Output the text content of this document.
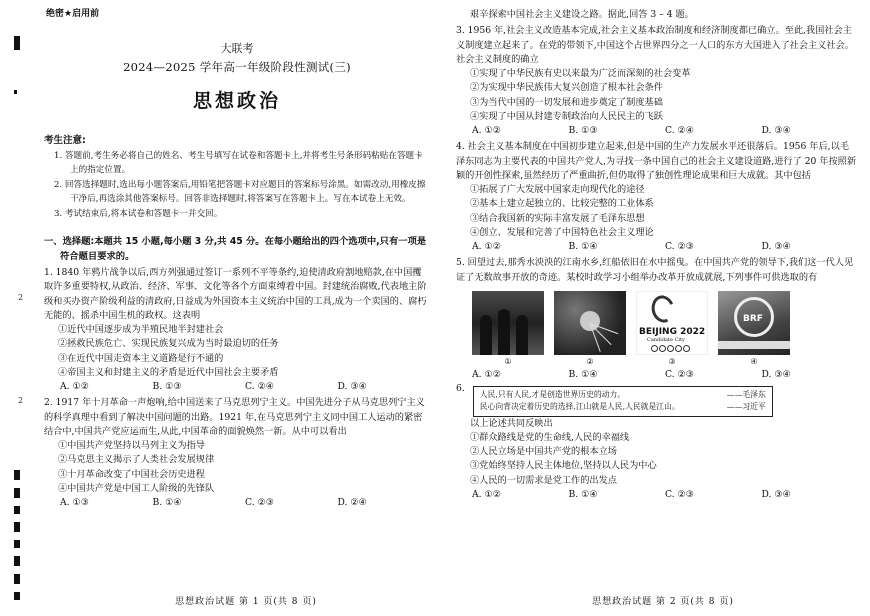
2
2
绝密★启用前
大联考
2024—2025 学年高一年级阶段性测试(三)
思想政治
考生注意:

1. 答题前,考生务必将自己的姓名、考生号填写在试卷和答题卡上,并将考生号条形码粘贴在答题卡上的指定位置。

2. 回答选择题时,选出每小题答案后,用铅笔把答题卡对应题目的答案标号涂黑。如需改动,用橡皮擦干净后,再选涂其他答案标号。回答非选择题时,将答案写在答题卡上。写在本试卷上无效。

3. 考试结束后,将本试卷和答题卡一并交回。

一、选择题:本题共 15 小题,每小题 3 分,共 45 分。在每小题给出的四个选项中,只有一项是
符合题目要求的。
1. 1840 年鸦片战争以后,西方列强通过签订一系列不平等条约,迫使清政府割地赔款,在中国攫取许多重要特权,从政治、经济、军事、文化等各个方面束缚着中国。封建统治腐败,代表地主阶级和买办资产阶级利益的清政府,日益成为外国资本主义统治中国的工具,成为一个卖国的、腐朽无能的、摇杀中国生机的政权。这表明
①近代中国逐步成为半殖民地半封建社会
②拯救民族危亡、实现民族复兴成为当时最迫切的任务
③在近代中国走资本主义道路是行不通的
④帝国主义和封建主义的矛盾是近代中国社会主要矛盾
A. ①②	B. ①③	C. ②④	D. ③④
2. 1917 年十月革命一声炮响,给中国送来了马克思列宁主义。中国先进分子从马克思列宁主义的科学真理中看到了解决中国问题的出路。1921 年,在马克思列宁主义同中国工人运动的紧密结合中,中国共产党应运而生,从此,中国革命的面貌焕然一新。从中可以看出
①中国共产党坚持以马列主义为指导
②马克思主义揭示了人类社会发展规律
③十月革命改变了中国社会历史进程
④中国共产党是中国工人阶级的先锋队
A. ①③	B. ①④	C. ②③	D. ②④
思想政治试题 第 1 页(共 8 页)
艰辛探索中国社会主义建设之路。据此,回答 3 – 4 题。
3. 1956 年,社会主义改造基本完成,社会主义基本政治制度和经济制度都已确立。至此,我国社会主义制度建立起来了。在党的带领下,中国这个占世界四分之一人口的东方大国进入了社会主义社会。社会主义制度的确立
①实现了中华民族有史以来最为广泛而深刻的社会变革
②为实现中华民族伟大复兴创造了根本社会条件
③为当代中国的一切发展和进步奠定了制度基础
④实现了中国从封建专制政治向人民民主的飞跃
A. ①②	B. ①③	C. ②④	D. ③④
4. 社会主义基本制度在中国初步建立起来,但是中国的生产力发展水平还很落后。1956 年后,以毛泽东同志为主要代表的中国共产党人,为寻找一条中国自己的社会主义建设道路,进行了 20 年按照新颖的开创性探索,虽然经历了严重曲折,但仍取得了独创性理论成果和巨大成就。其中包括
①拓展了广大发展中国家走向现代化的途径
②基本上建立起独立的、比较完整的工业体系
③结合我国新的实际丰富发展了毛泽东思想
④创立、发展和完善了中国特色社会主义理论
A. ①②	B. ①④	C. ②③	D. ③④
5. 回望过去,那秀水泱泱的江南水乡,红船依旧在水中摇曳。在中国共产党的领导下,我们这一代人见证了无数故事开放的奇迹。某校时政学习小组举办改革开放成就展,下列事件可供选取的有
①	②
BEIJING 2022
Candidate City
③
BRF
④
A. ①②	B. ①④	C. ②③	D. ③④
6.
人民,只有人民,才是创造世界历史的动力。	——毛泽东
民心向背决定着历史的选择,江山就是人民,人民就是江山。	——习近平
以上论述共同反映出
①群众路线是党的生命线,人民的幸福线
②人民立场是中国共产党的根本立场
③党始终坚持人民主体地位,坚持以人民为中心
④人民的一切需求是党工作的出发点
A. ①②	B. ①④	C. ②③	D. ③④
思想政治试题 第 2 页(共 8 页)
